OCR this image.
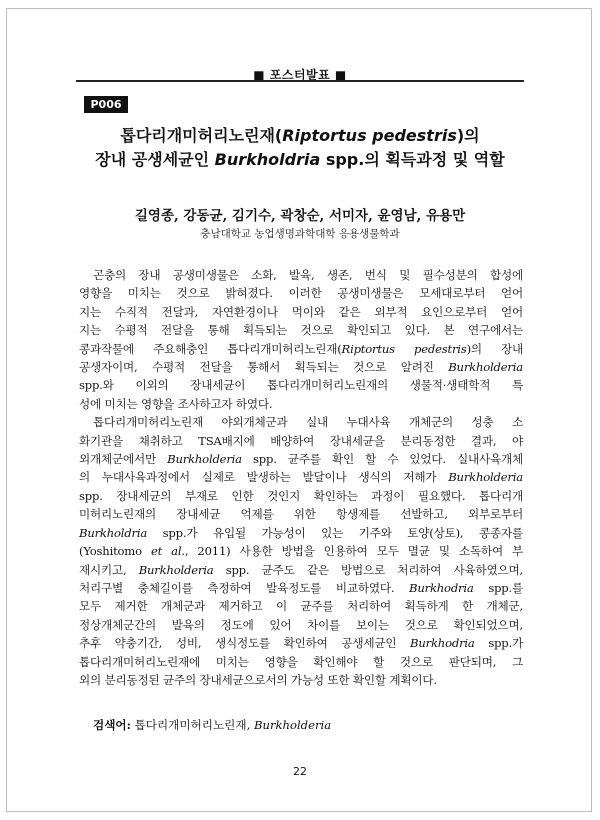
■ 포스터발표 ■
P006
톱다리개미허리노린재(Riptortus pedestris)의
장내 공생세균인 Burkholdria spp.의 획득과정 및 역할
길영종, 강동균, 김기수, 곽창순, 서미자, 윤영남, 유용만
충남대학교 농업생명과학대학 응용생물학과
곤충의 장내 공생미생물은 소화, 발육, 생존, 번식 및 필수성분의 합성에
영향을 미치는 것으로 밝혀졌다. 이러한 공생미생물은 모세대로부터 얻어
지는 수직적 전달과, 자연환경이나 먹이와 같은 외부적 요인으로부터 얻어
지는 수평적 전달을 통해 획득되는 것으로 확인되고 있다. 본 연구에서는
콩과작물에 주요해충인 톱다리개미허리노린재(Riptortus pedestris)의 장내
공생자이며, 수평적 전달을 통해서 획득되는 것으로 알려진 Burkholderia
spp.와 이외의 장내세균이 톱다리개미허리노린재의 생물적·생태학적 특
성에 미치는 영향을 조사하고자 하였다.
톱다리개미허리노린재 야외개체군과 실내 누대사육 개체군의 성충 소
화기관을 채취하고 TSA배지에 배양하여 장내세균을 분리동정한 결과, 야
외개체군에서만 Burkholderia spp. 균주를 확인 할 수 있었다. 실내사육개체
의 누대사육과정에서 실제로 발생하는 발달이나 생식의 저해가 Burkholderia
spp. 장내세균의 부재로 인한 것인지 확인하는 과정이 필요했다. 톱다리개
미허리노린재의 장내세균 억제를 위한 항생제를 선발하고, 외부로부터
Burkholdria spp.가 유입될 가능성이 있는 기주와 토양(상토), 콩종자를
(Yoshitomo et al., 2011) 사용한 방법을 인용하여 모두 멸균 및 소독하여 부
재시키고, Burkholderia spp. 균주도 같은 방법으로 처리하여 사육하였으며,
처리구별 충체길이를 측정하여 발육정도를 비교하였다. Burkhodria spp.를
모두 제거한 개체군과 제거하고 이 균주를 처리하여 획득하게 한 개체군,
정상개체군간의 발육의 정도에 있어 차이를 보이는 것으로 확인되었으며,
추후 약충기간, 성비, 생식정도를 확인하여 공생세균인 Burkhodria spp.가
톱다리개미허리노린재에 미치는 영향을 확인해야 할 것으로 판단되며, 그
외의 분리동정된 균주의 장내세균으로서의 가능성 또한 확인할 계획이다.
검색어: 톱다리개미허리노린재, Burkholderia
22
